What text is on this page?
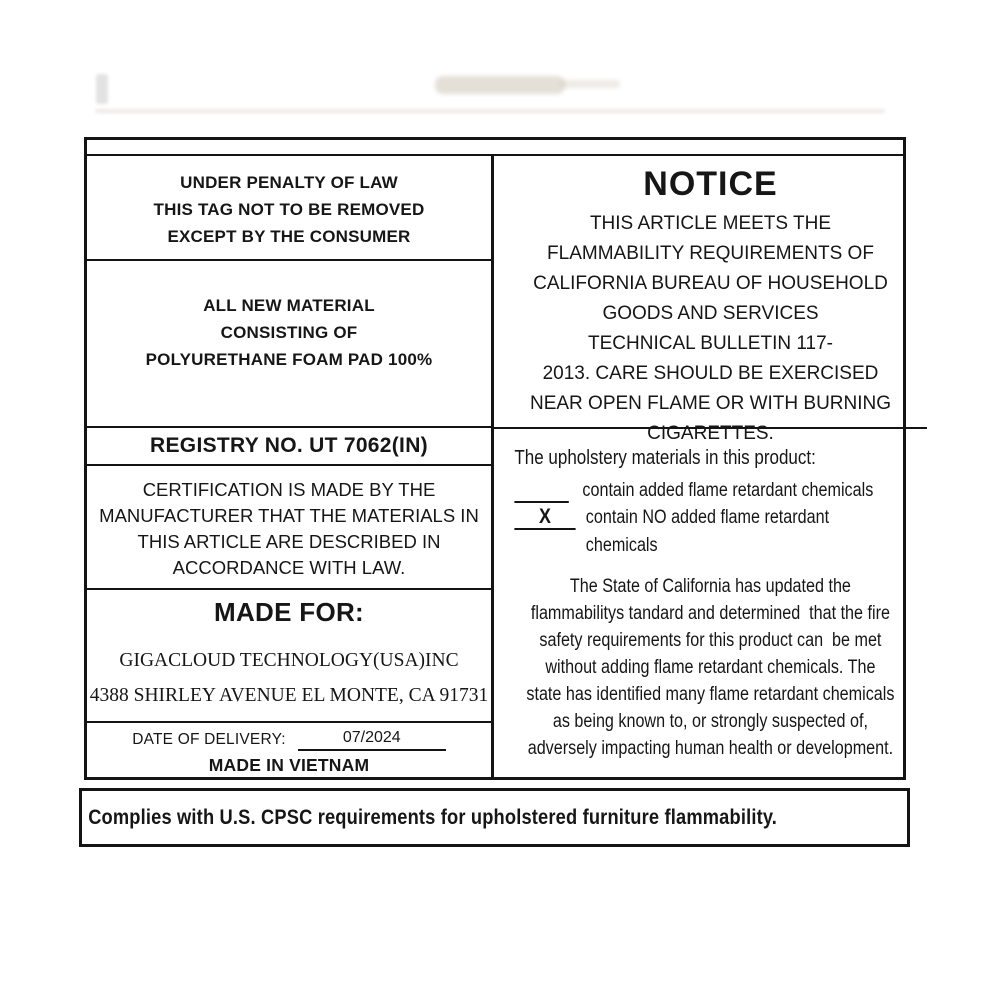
UNDER PENALTY OF LAW
THIS TAG NOT TO BE REMOVED
EXCEPT BY THE CONSUMER
ALL NEW MATERIAL
CONSISTING OF
POLYURETHANE FOAM PAD 100%
REGISTRY NO. UT 7062(IN)
CERTIFICATION IS MADE BY THE
MANUFACTURER THAT THE MATERIALS IN
THIS ARTICLE ARE DESCRIBED IN
ACCORDANCE WITH LAW.
MADE FOR:
GIGACLOUD TECHNOLOGY(USA)INC
4388 SHIRLEY AVENUE EL MONTE, CA 91731
DATE OF DELIVERY:	07/2024
MADE IN VIETNAM
NOTICE
THIS ARTICLE MEETS THE
FLAMMABILITY REQUIREMENTS OF
CALIFORNIA BUREAU OF HOUSEHOLD
GOODS AND SERVICES
TECHNICAL BULLETIN 117-
2013. CARE SHOULD BE EXERCISED
NEAR OPEN FLAME OR WITH BURNING
CIGARETTES.
The upholstery materials in this product:
contain added flame retardant chemicals
X	contain NO added flame retardant
chemicals
The State of California has updated the
flammabilitys tandard and determined  that the fire
safety requirements for this product can  be met
without adding flame retardant chemicals. The
state has identified many flame retardant chemicals
as being known to, or strongly suspected of,
adversely impacting human health or development.
Complies with U.S. CPSC requirements for upholstered furniture flammability.
